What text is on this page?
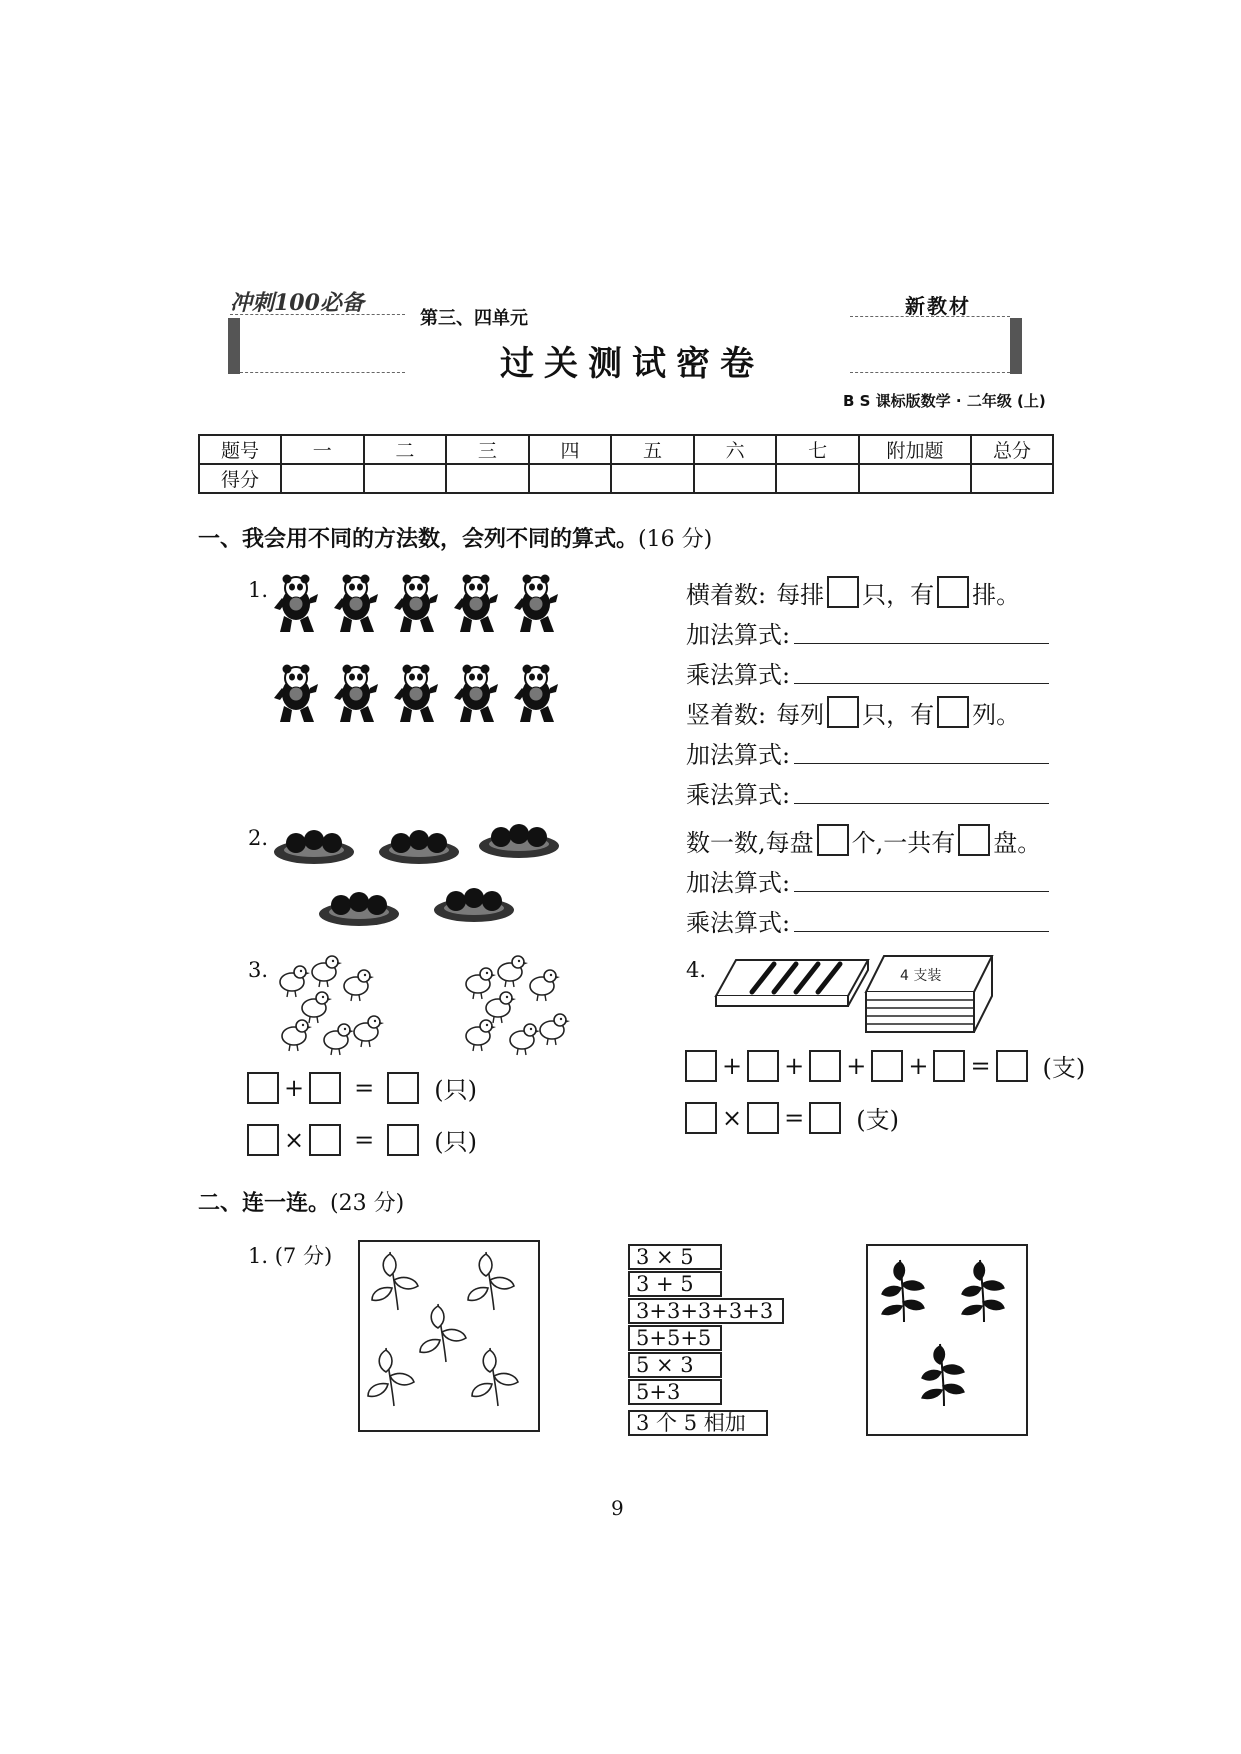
冲刺100必备
第三、四单元
过关测试密卷
新教材
B S 课标版数学 · 二年级 (上)
题号	一	二	三	四	五	六	七	附加题	总分
得分									
一、我会用不同的方法数，会列不同的算式。(16 分)
1.	横着数: 每排 只，有 排。
加法算式:
乘法算式:
竖着数: 每列 只，有 列。
加法算式:
乘法算式:
2.	数一数, 每盘 个, 一共有 盘。
加法算式:
乘法算式:
3.
+ =	(只)
× =	(只)
4.	4 支装
+ + + + = (支)
× = (支)
二、连一连。(23 分)
1. (7 分)	3 × 5
3 + 5
3+3+3+3+3
5+5+5
5 × 3
5+3
3 个 5 相加
9
